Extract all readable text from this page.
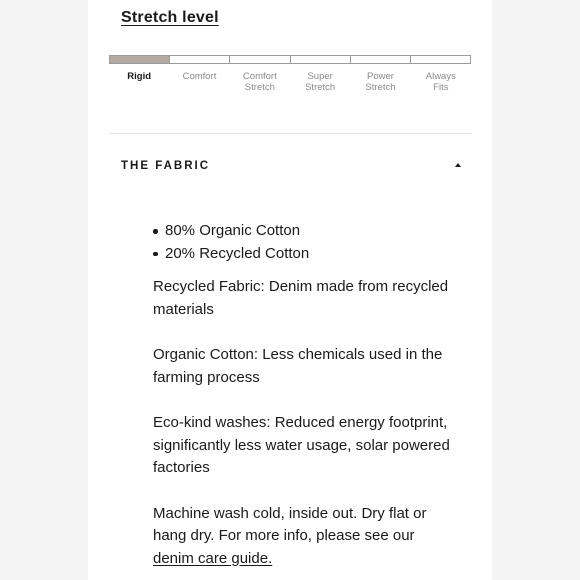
Stretch level
Rigid	Comfort	Comfort
Stretch
Super
Stretch
Power
Stretch
Always
Fits
THE FABRIC
80% Organic Cotton
20% Recycled Cotton

Recycled Fabric: Denim made from recycled materials

Organic Cotton: Less chemicals used in the farming process

Eco-kind washes: Reduced energy footprint, significantly less water usage, solar powered factories

Machine wash cold, inside out. Dry flat or hang dry. For more info, please see our denim care guide.
